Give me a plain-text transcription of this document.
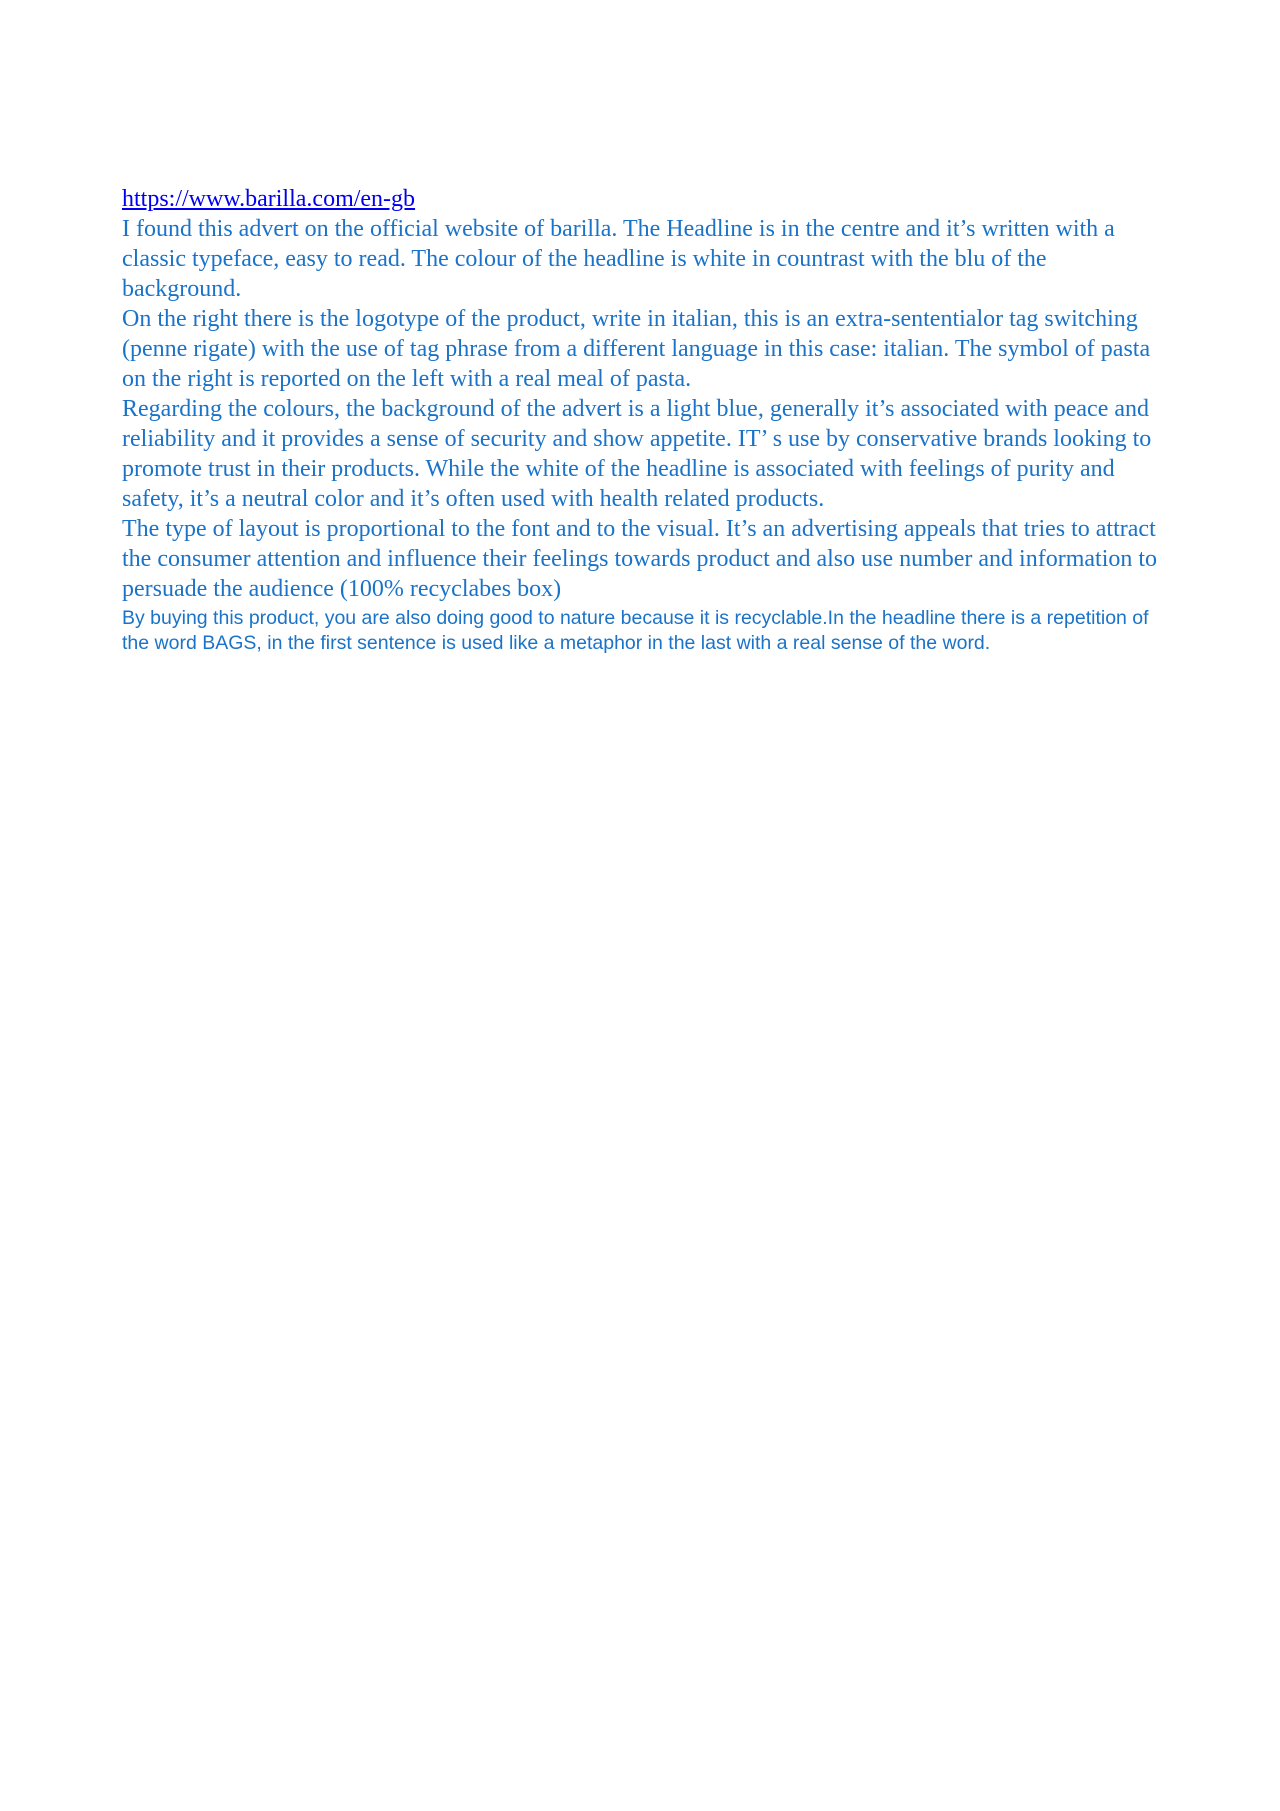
https://www.barilla.com/en-gb

I found this advert on the official website of barilla. The Headline is in the centre and it’s written with a classic typeface, easy to read. The colour of the headline is white in countrast with the blu of the background.

On the right there is the logotype of the product, write in italian, this is an extra-sententialor tag switching (penne rigate) with the use of tag phrase from a different language in this case: italian. The symbol of pasta on the right is reported on the left with a real meal of pasta.

Regarding the colours, the background of the advert is a light blue, generally it’s associated with peace and reliability and it provides a sense of security and show appetite. IT’ s use by conservative brands looking to promote trust in their products. While the white of the headline is associated with feelings of purity and safety, it’s a neutral color and it’s often used with health related products.

The type of layout is proportional to the font and to the visual. It’s an advertising appeals that tries to attract the consumer attention and influence their feelings towards product and also use number and information to persuade the audience (100% recyclabes box)

By buying this product, you are also doing good to nature because it is recyclable.In the headline there is a repetition of the word BAGS, in the first sentence is used like a metaphor in the last with a real sense of the word.
